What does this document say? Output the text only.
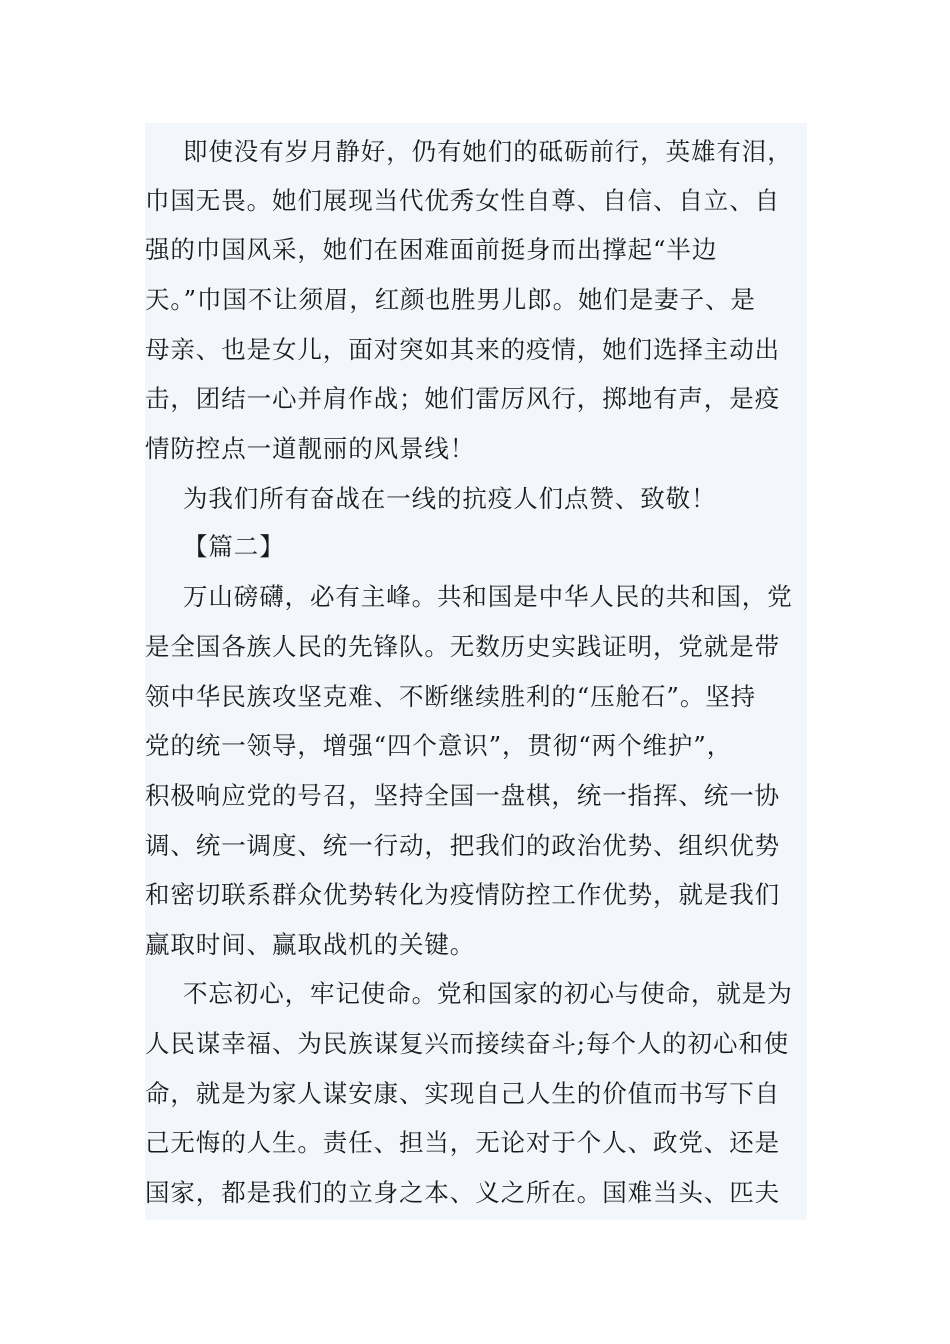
即使没有岁月静好，仍有她们的砥砺前行，英雄有泪，
巾国无畏。她们展现当代优秀女性自尊、自信、自立、自
强的巾国风采，她们在困难面前挺身而出撑起“半边
天。”巾国不让须眉，红颜也胜男儿郎。她们是妻子、是
母亲、也是女儿，面对突如其来的疫情，她们选择主动出
击，团结一心并肩作战；她们雷厉风行，掷地有声，是疫
情防控点一道靓丽的风景线！
为我们所有奋战在一线的抗疫人们点赞、致敬！
【篇二】
万山磅礴，必有主峰。共和国是中华人民的共和国，党
是全国各族人民的先锋队。无数历史实践证明，党就是带
领中华民族攻坚克难、不断继续胜利的“压舱石”。坚持
党的统一领导，增强“四个意识”，贯彻“两个维护”，
积极响应党的号召，坚持全国一盘棋，统一指挥、统一协
调、统一调度、统一行动，把我们的政治优势、组织优势
和密切联系群众优势转化为疫情防控工作优势，就是我们
赢取时间、赢取战机的关键。
不忘初心，牢记使命。党和国家的初心与使命，就是为
人民谋幸福、为民族谋复兴而接续奋斗;每个人的初心和使
命，就是为家人谋安康、实现自己人生的价值而书写下自
己无悔的人生。责任、担当，无论对于个人、政党、还是
国家，都是我们的立身之本、义之所在。国难当头、匹夫
